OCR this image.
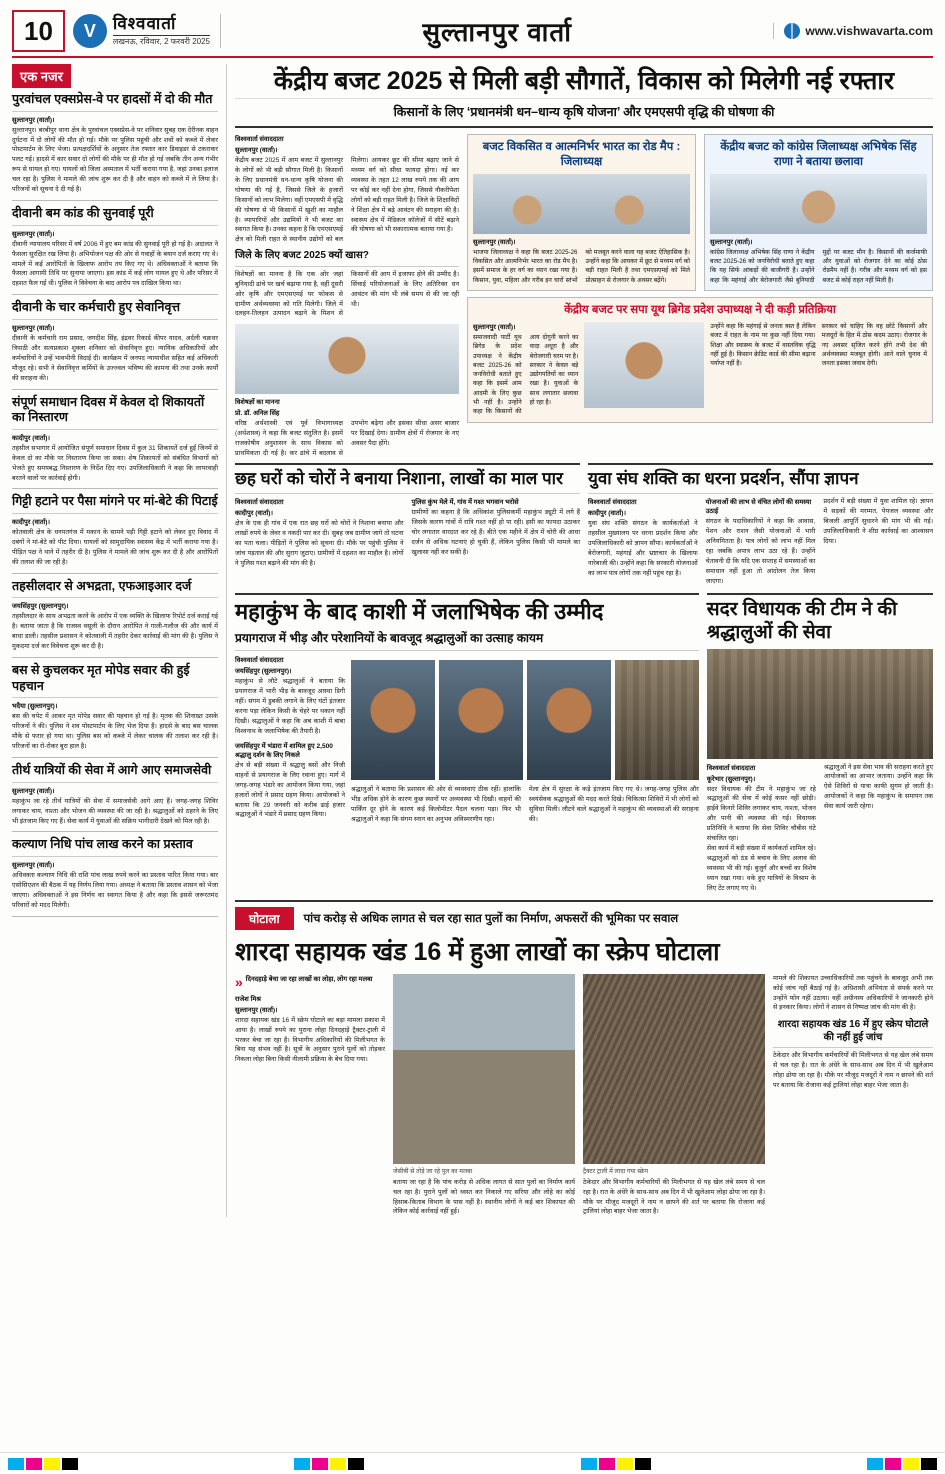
10	V	विश्ववार्ता
लखनऊ, रविवार, 2 फरवरी 2025	सुल्तानपुर वार्ता	www.vishwavarta.com
एक नजर
पुरवांचल एक्सप्रेस-वे पर हादसों में दो की मौत
सुल्तानपुर (वार्ता)।
सुल्तानपुर। बरबीपुर थाना क्षेत्र के पुरवांचल एक्सप्रेस-वे पर शनिवार सुबह एक देरीनक वाहन दुर्घटना में दो लोगों की मौत हो गई। मौके पर पुलिस पहुंची और शवों को कब्जे में लेकर पोस्टमार्टम के लिए भेजा। प्रत्यक्षदर्शियों के अनुसार तेज रफ्तार कार डिवाइडर से टकराकर पलट गई। हादसे में कार सवार दो लोगों की मौके पर ही मौत हो गई जबकि तीन अन्य गंभीर रूप से घायल हो गए। घायलों को जिला अस्पताल में भर्ती कराया गया है, जहां उनका इलाज चल रहा है। पुलिस ने मामले की जांच शुरू कर दी है और वाहन को कब्जे में ले लिया है। परिजनों को सूचना दे दी गई है।
दीवानी बम कांड की सुनवाई पूरी
सुल्तानपुर (वार्ता)।
दीवानी न्यायालय परिसर में वर्ष 2006 में हुए बम कांड की सुनवाई पूरी हो गई है। अदालत ने फैसला सुरक्षित रख लिया है। अभियोजन पक्ष की ओर से गवाहों के बयान दर्ज कराए गए थे। मामले में कई आरोपितों के खिलाफ आरोप तय किए गए थे। अधिवक्ताओं ने बताया कि फैसला आगामी तिथि पर सुनाया जाएगा। इस कांड में कई लोग घायल हुए थे और परिसर में दहशत फैल गई थी। पुलिस ने विवेचना के बाद आरोप पत्र दाखिल किया था।
दीवानी के चार कर्मचारी हुए सेवानिवृत्त
सुल्तानपुर (वार्ता)।
दीवानी के कर्मचारी राम प्रसाद, जगदीश सिंह, इंद्रवर रिकार्ड कीपर यादव, अर्दली चक्रधर त्रिपाठी और सत्यप्रकाश शुक्ला शनिवार को सेवानिवृत्त हुए। न्यायिक अधिकारियों और कर्मचारियों ने उन्हें भावभीनी विदाई दी। कार्यक्रम में जनपद न्यायाधीश सहित कई अधिकारी मौजूद रहे। सभी ने सेवानिवृत्त कर्मियों के उज्ज्वल भविष्य की कामना की तथा उनके कार्यों की सराहना की।
संपूर्ण समाधान दिवस में केवल दो शिकायतों का निस्तारण
कादीपुर (वार्ता)।
तहसील सभागार में आयोजित संपूर्ण समाधान दिवस में कुल 31 शिकायतें दर्ज हुईं जिनमें से केवल दो का मौके पर निस्तारण किया जा सका। शेष शिकायतों को संबंधित विभागों को भेजते हुए समयबद्ध निस्तारण के निर्देश दिए गए। उपजिलाधिकारी ने कहा कि लापरवाही बरतने वालों पर कार्रवाई होगी।
गिट्टी हटाने पर पैसा मांगने पर मां-बेटे की पिटाई
कादीपुर (वार्ता)।
कोतवाली क्षेत्र के धनपतगंज में मकान के सामने पड़ी गिट्टी हटाने को लेकर हुए विवाद में दबंगों ने मां-बेटे को पीट दिया। घायलों को सामुदायिक स्वास्थ्य केंद्र में भर्ती कराया गया है। पीड़ित पक्ष ने थाने में तहरीर दी है। पुलिस ने मामले की जांच शुरू कर दी है और आरोपितों की तलाश की जा रही है।
तहसीलदार से अभद्रता, एफआइआर दर्ज
जयसिंहपुर (सुल्तानपुर)।
तहसीलदार के साथ अभद्रता करने के आरोप में एक व्यक्ति के खिलाफ रिपोर्ट दर्ज कराई गई है। बताया जाता है कि राजस्व वसूली के दौरान आरोपित ने गाली-गलौज की और कार्य में बाधा डाली। तहसील प्रशासन ने कोतवाली में तहरीर देकर कार्रवाई की मांग की है। पुलिस ने मुकदमा दर्ज कर विवेचना शुरू कर दी है।
बस से कुचलकर मृत मोपेड सवार की हुई पहचान
भदैया (सुल्तानपुर)।
बस की चपेट में आकर मृत मोपेड सवार की पहचान हो गई है। मृतक की शिनाख्त उसके परिजनों ने की। पुलिस ने शव पोस्टमार्टम के लिए भेज दिया है। हादसे के बाद बस चालक मौके से फरार हो गया था। पुलिस बस को कब्जे में लेकर चालक की तलाश कर रही है। परिजनों का रो-रोकर बुरा हाल है।
तीर्थ यात्रियों की सेवा में आगे आए समाजसेवी
सुल्तानपुर (वार्ता)।
महाकुंभ जा रहे तीर्थ यात्रियों की सेवा में समाजसेवी आगे आए हैं। जगह-जगह शिविर लगाकर चाय, नाश्ता और भोजन की व्यवस्था की जा रही है। श्रद्धालुओं को ठहरने के लिए भी इंतजाम किए गए हैं। सेवा कार्य में युवाओं की सक्रिय भागीदारी देखने को मिल रही है।
कल्याण निधि पांच लाख करने का प्रस्ताव
सुल्तानपुर (वार्ता)।
अधिवक्ता कल्याण निधि की राशि पांच लाख रुपये करने का प्रस्ताव पारित किया गया। बार एसोसिएशन की बैठक में यह निर्णय लिया गया। अध्यक्ष ने बताया कि प्रस्ताव शासन को भेजा जाएगा। अधिवक्ताओं ने इस निर्णय का स्वागत किया है और कहा कि इससे जरूरतमंद परिवारों को मदद मिलेगी।
केंद्रीय बजट 2025 से मिली बड़ी सौगातें, विकास को मिलेगी नई रफ्तार
किसानों के लिए ‘प्रधानमंत्री धन–धान्य कृषि योजना’ और एमएसपी वृद्धि की घोषणा की
विश्ववार्ता संवाददाता
सुल्तानपुर (वार्ता)।
केंद्रीय बजट 2025 में आम बजट में सुल्तानपुर के लोगों को भी बड़ी सौगात मिली है। किसानों के लिए प्रधानमंत्री धन-धान्य कृषि योजना की घोषणा की गई है, जिससे जिले के हजारों किसानों को लाभ मिलेगा। वहीं एमएसपी में वृद्धि की घोषणा से भी किसानों में खुशी का माहौल है। व्यापारियों और उद्यमियों ने भी बजट का स्वागत किया है। उनका कहना है कि एमएसएमई क्षेत्र को मिली राहत से स्थानीय उद्योगों को बल मिलेगा। आयकर छूट की सीमा बढ़ाए जाने से मध्यम वर्ग को सीधा फायदा होगा। नई कर व्यवस्था के तहत 12 लाख रुपये तक की आय पर कोई कर नहीं देना होगा, जिससे नौकरीपेशा लोगों को बड़ी राहत मिली है। जिले के शिक्षाविदों ने शिक्षा क्षेत्र में बढ़े आवंटन की सराहना की है। स्वास्थ्य क्षेत्र में मेडिकल कॉलेजों में सीटें बढ़ाने की घोषणा को भी सकारात्मक बताया गया है।
जिले के लिए बजट 2025 क्यों खास?
विशेषज्ञों का मानना है कि एक ओर जहां बुनियादी ढांचे पर खर्च बढ़ाया गया है, वहीं दूसरी ओर कृषि और एमएसएमई पर फोकस से ग्रामीण अर्थव्यवस्था को गति मिलेगी। जिले में दलहन-तिलहन उत्पादन बढ़ाने के मिशन से किसानों की आय में इजाफा होने की उम्मीद है। सिंचाई परियोजनाओं के लिए अतिरिक्त धन आवंटन की मांग भी लंबे समय से की जा रही थी।
विशेषज्ञों का मानना
प्रो. डॉ. अनिल सिंह
वरिष्ठ अर्थशास्त्री एवं पूर्व विभागाध्यक्ष (अर्थशास्त्र) ने कहा कि बजट संतुलित है। इसमें राजकोषीय अनुशासन के साथ विकास को प्राथमिकता दी गई है। कर ढांचे में बदलाव से उपभोग बढ़ेगा और इसका सीधा असर बाजार पर दिखाई देगा। ग्रामीण क्षेत्रों में रोजगार के नए अवसर पैदा होंगे।
बजट विकसित व आत्मनिर्भर भारत का रोड मैप : जिलाध्यक्ष
सुल्तानपुर (वार्ता)।
भाजपा जिलाध्यक्ष ने कहा कि बजट 2025-26 विकसित और आत्मनिर्भर भारत का रोड मैप है। इसमें समाज के हर वर्ग का ध्यान रखा गया है। किसान, युवा, महिला और गरीब इन चारों स्तंभों को मजबूत करने वाला यह बजट ऐतिहासिक है। उन्होंने कहा कि आयकर में छूट से मध्यम वर्ग को बड़ी राहत मिली है तथा एमएसएमई को मिले प्रोत्साहन से रोजगार के अवसर बढ़ेंगे।
केंद्रीय बजट को कांग्रेस जिलाध्यक्ष अभिषेक सिंह राणा ने बताया छलावा
सुल्तानपुर (वार्ता)।
कांग्रेस जिलाध्यक्ष अभिषेक सिंह राणा ने केंद्रीय बजट 2025-26 को जनविरोधी बताते हुए कहा कि यह सिर्फ आंकड़ों की बाजीगरी है। उन्होंने कहा कि महंगाई और बेरोजगारी जैसे बुनियादी मुद्दों पर बजट मौन है। किसानों की कर्जमाफी और युवाओं को रोजगार देने का कोई ठोस रोडमैप नहीं है। गरीब और मध्यम वर्ग को इस बजट से कोई राहत नहीं मिली है।
केंद्रीय बजट पर सपा यूथ ब्रिगेड प्रदेश उपाध्यक्ष ने दी कड़ी प्रतिक्रिया
सुल्तानपुर (वार्ता)।
समाजवादी पार्टी यूथ ब्रिगेड के प्रदेश उपाध्यक्ष ने केंद्रीय बजट 2025-26 को जनविरोधी बताते हुए कहा कि इसमें आम आदमी के लिए कुछ भी नहीं है। उन्होंने कहा कि किसानों की आय दोगुनी करने का वादा अधूरा है और बेरोजगारी चरम पर है। सरकार ने केवल बड़े उद्योगपतियों का ध्यान रखा है। युवाओं के साथ लगातार छलावा हो रहा है।
उन्होंने कहा कि महंगाई से जनता त्रस्त है लेकिन बजट में राहत के नाम पर कुछ नहीं दिया गया। शिक्षा और स्वास्थ्य के बजट में वास्तविक वृद्धि नहीं हुई है। किसान क्रेडिट कार्ड की सीमा बढ़ाना पर्याप्त नहीं है।
सरकार को चाहिए कि वह छोटे किसानों और मजदूरों के हित में ठोस कदम उठाए। रोजगार के नए अवसर सृजित करने होंगे तभी देश की अर्थव्यवस्था मजबूत होगी। आने वाले चुनाव में जनता इसका जवाब देगी।
छह घरों को चोरों ने बनाया निशाना, लाखों का माल पार
विश्ववार्ता संवाददाता
कादीपुर (वार्ता)।
क्षेत्र के एक ही गांव में एक रात छह घरों को चोरों ने निशाना बनाया और लाखों रुपये के जेवर व नकदी पार कर दी। सुबह जब ग्रामीण जागे तो घटना का पता चला। पीड़ितों ने पुलिस को सूचना दी। मौके पर पहुंची पुलिस ने जांच पड़ताल की और सुराग जुटाए। ग्रामीणों में दहशत का माहौल है। लोगों ने पुलिस गश्त बढ़ाने की मांग की है।
पुलिस कुंभ मेले में, गांव में गश्त भगवान भरोसे
ग्रामीणों का कहना है कि अधिकांश पुलिसकर्मी महाकुंभ ड्यूटी में लगे हैं जिसके कारण गांवों में रात्रि गश्त नहीं हो पा रही। इसी का फायदा उठाकर चोर लगातार वारदात कर रहे हैं। बीते एक महीने में क्षेत्र में चोरी की आधा दर्जन से अधिक घटनाएं हो चुकी हैं, लेकिन पुलिस किसी भी मामले का खुलासा नहीं कर सकी है।
युवा संघ शक्ति का धरना प्रदर्शन, सौंपा ज्ञापन
विश्ववार्ता संवाददाता
कादीपुर (वार्ता)।
युवा संघ शक्ति संगठन के कार्यकर्ताओं ने तहसील मुख्यालय पर धरना प्रदर्शन किया और उपजिलाधिकारी को ज्ञापन सौंपा। कार्यकर्ताओं ने बेरोजगारी, महंगाई और भ्रष्टाचार के खिलाफ नारेबाजी की। उन्होंने कहा कि सरकारी योजनाओं का लाभ पात्र लोगों तक नहीं पहुंच रहा है।
योजनाओं की लाभ से वंचित लोगों की समस्या उठाई
संगठन के पदाधिकारियों ने कहा कि आवास, पेंशन और राशन जैसी योजनाओं में भारी अनियमितता है। पात्र लोगों को लाभ नहीं मिल रहा जबकि अपात्र लाभ उठा रहे हैं। उन्होंने चेतावनी दी कि यदि एक सप्ताह में समस्याओं का समाधान नहीं हुआ तो आंदोलन तेज किया जाएगा।
प्रदर्शन में बड़ी संख्या में युवा शामिल रहे। ज्ञापन में सड़कों की मरम्मत, पेयजल व्यवस्था और बिजली आपूर्ति सुधारने की मांग भी की गई। उपजिलाधिकारी ने शीघ्र कार्रवाई का आश्वासन दिया।
महाकुंभ के बाद काशी में जलाभिषेक की उम्मीद
प्रयागराज में भीड़ और परेशानियों के बावजूद श्रद्धालुओं का उत्साह कायम
विश्ववार्ता संवाददाता
जयसिंहपुर (सुल्तानपुर)।
महाकुंभ से लौटे श्रद्धालुओं ने बताया कि प्रयागराज में भारी भीड़ के बावजूद आस्था डिगी नहीं। संगम में डुबकी लगाने के लिए घंटों इंतजार करना पड़ा लेकिन किसी के चेहरे पर थकान नहीं दिखी। श्रद्धालुओं ने कहा कि अब काशी में बाबा विश्वनाथ के जलाभिषेक की तैयारी है।
जयसिंहपुर में भंडारा में शामिल हुए 2,500 श्रद्धालु दर्शन के लिए निकले
क्षेत्र से बड़ी संख्या में श्रद्धालु बसों और निजी वाहनों से प्रयागराज के लिए रवाना हुए। मार्ग में जगह-जगह भंडारे का आयोजन किया गया, जहां हजारों लोगों ने प्रसाद ग्रहण किया। आयोजकों ने बताया कि 29 जनवरी को करीब ढाई हजार श्रद्धालुओं ने भंडारे में प्रसाद ग्रहण किया।
श्रद्धालुओं ने बताया कि प्रशासन की ओर से व्यवस्थाएं ठीक रहीं। हालांकि भीड़ अधिक होने के कारण कुछ स्थानों पर अव्यवस्था भी दिखी। वाहनों की पार्किंग दूर होने के कारण कई किलोमीटर पैदल चलना पड़ा। फिर भी श्रद्धालुओं ने कहा कि संगम स्नान का अनुभव अविस्मरणीय रहा।
मेला क्षेत्र में सुरक्षा के कड़े इंतजाम किए गए थे। जगह-जगह पुलिस और स्वयंसेवक श्रद्धालुओं की मदद करते दिखे। चिकित्सा शिविरों में भी लोगों को सुविधा मिली। लौटने वाले श्रद्धालुओं ने महाकुंभ की व्यवस्थाओं की सराहना की।
सदर विधायक की टीम ने की श्रद्धालुओं की सेवा
विश्ववार्ता संवाददाता
कूरेभार (सुल्तानपुर)।
सदर विधायक की टीम ने महाकुंभ जा रहे श्रद्धालुओं की सेवा में कोई कसर नहीं छोड़ी। हाईवे किनारे शिविर लगाकर चाय, नाश्ता, भोजन और पानी की व्यवस्था की गई। विधायक प्रतिनिधि ने बताया कि सेवा शिविर चौबीस घंटे संचालित रहा।
सेवा कार्य में बड़ी संख्या में कार्यकर्ता शामिल रहे। श्रद्धालुओं को ठंड से बचाव के लिए अलाव की व्यवस्था भी की गई। बुजुर्ग और बच्चों का विशेष ध्यान रखा गया। थके हुए यात्रियों के विश्राम के लिए टेंट लगाए गए थे।
श्रद्धालुओं ने इस सेवा भाव की सराहना करते हुए आयोजकों का आभार जताया। उन्होंने कहा कि ऐसे शिविरों से यात्रा काफी सुगम हो जाती है। आयोजकों ने कहा कि महाकुंभ के समापन तक सेवा कार्य जारी रहेगा।
घोटाला	पांच करोड़ से अधिक लागत से चल रहा सात पुलों का निर्माण, अफसरों की भूमिका पर सवाल
शारदा सहायक खंड 16 में हुआ लाखों का स्क्रेप घोटाला
» दिनदहाड़े बेचा जा रहा लाखों का लोहा, लोग रहा मलबा
राजेश मिश्र
सुल्तानपुर (वार्ता)।
शारदा सहायक खंड 16 में स्क्रेप घोटाले का बड़ा मामला प्रकाश में आया है। लाखों रुपये का पुराना लोहा दिनदहाड़े ट्रैक्टर-ट्राली में भरकर बेचा जा रहा है। विभागीय अधिकारियों की मिलीभगत के बिना यह संभव नहीं है। सूत्रों के अनुसार पुराने पुलों को तोड़कर निकला लोहा बिना किसी नीलामी प्रक्रिया के बेच दिया गया।
जेसीबी से तोड़े जा रहे पुल का मलबा
बताया जा रहा है कि पांच करोड़ से अधिक लागत से सात पुलों का निर्माण कार्य चल रहा है। पुराने पुलों को ध्वस्त कर निकाले गए सरिया और लोहे का कोई हिसाब-किताब विभाग के पास नहीं है। स्थानीय लोगों ने कई बार शिकायत की लेकिन कोई कार्रवाई नहीं हुई।
ट्रैक्टर ट्राली में लादा गया स्क्रेप
ठेकेदार और विभागीय कर्मचारियों की मिलीभगत से यह खेल लंबे समय से चल रहा है। रात के अंधेरे के साथ-साथ अब दिन में भी खुलेआम लोहा ढोया जा रहा है। मौके पर मौजूद मजदूरों ने नाम न छापने की शर्त पर बताया कि रोजाना कई ट्रालियां लोहा बाहर भेजा जाता है।
मामले की शिकायत उच्चाधिकारियों तक पहुंचने के बावजूद अभी तक कोई जांच नहीं बैठाई गई है। अधिशासी अभियंता से संपर्क करने पर उन्होंने फोन नहीं उठाया। वहीं अधीनस्थ अधिकारियों ने जानकारी होने से इनकार किया। लोगों ने शासन से निष्पक्ष जांच की मांग की है।
शारदा सहायक खंड 16 में हुए स्क्रेप घोटाले की नहीं हुई जांच
ठेकेदार और विभागीय कर्मचारियों की मिलीभगत से यह खेल लंबे समय से चल रहा है। रात के अंधेरे के साथ-साथ अब दिन में भी खुलेआम लोहा ढोया जा रहा है। मौके पर मौजूद मजदूरों ने नाम न छापने की शर्त पर बताया कि रोजाना कई ट्रालियां लोहा बाहर भेजा जाता है।
